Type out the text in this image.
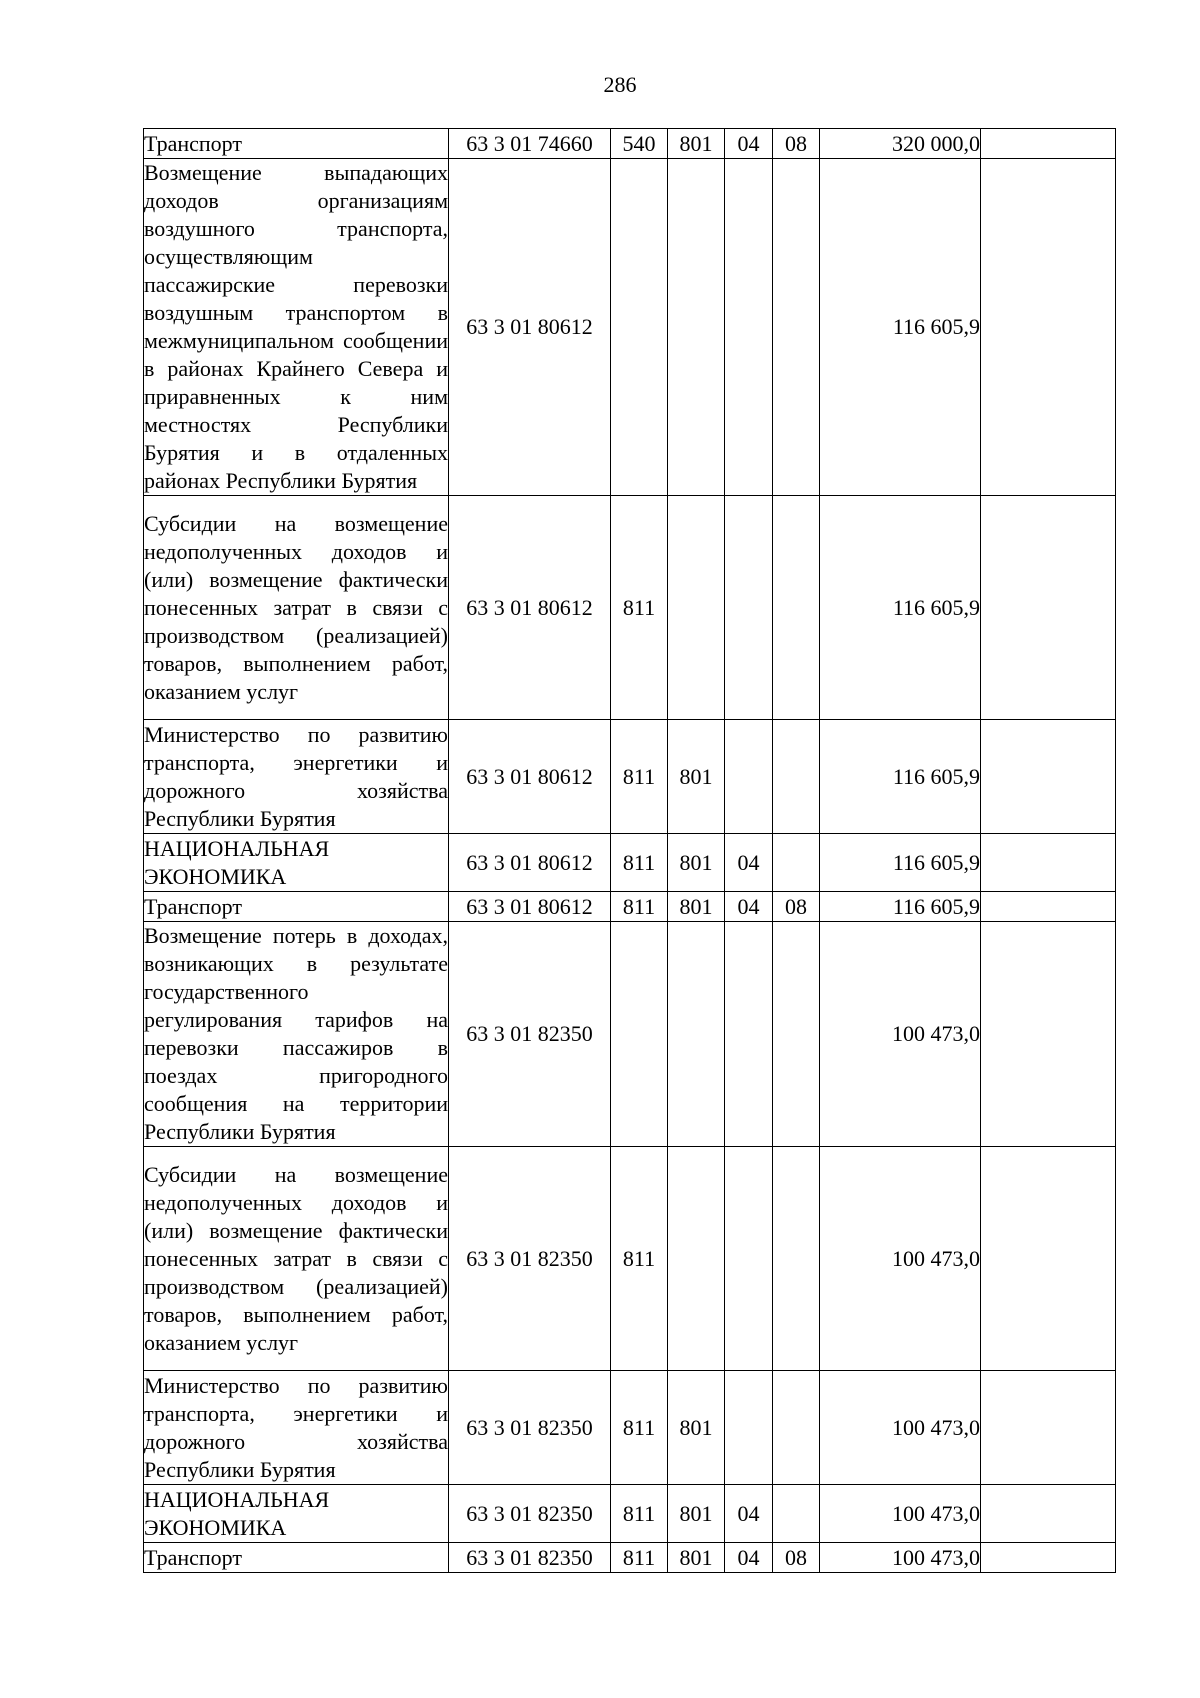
286
Транспорт	63 3 01 74660	540	801	04	08	320 000,0	
Возмещение выпадающих доходов организациям воздушного транспорта, осуществляющим пассажирские перевозки воздушным транспортом в межмуниципальном сообщении в районах Крайнего Севера и приравненных к ним местностях Республики Бурятия и в отдаленных районах Республики Бурятия	63 3 01 80612					116 605,9	
Субсидии на возмещение недополученных доходов и (или) возмещение фактически понесенных затрат в связи с производством (реализацией) товаров, выполнением работ, оказанием услуг	63 3 01 80612	811				116 605,9	
Министерство по развитию транспорта, энергетики и дорожного хозяйства Республики Бурятия	63 3 01 80612	811	801			116 605,9	
НАЦИОНАЛЬНАЯ ЭКОНОМИКА	63 3 01 80612	811	801	04		116 605,9	
Транспорт	63 3 01 80612	811	801	04	08	116 605,9	
Возмещение потерь в доходах, возникающих в результате государственного регулирования тарифов на перевозки пассажиров в поездах пригородного сообщения на территории Республики Бурятия	63 3 01 82350					100 473,0	
Субсидии на возмещение недополученных доходов и (или) возмещение фактически понесенных затрат в связи с производством (реализацией) товаров, выполнением работ, оказанием услуг	63 3 01 82350	811				100 473,0	
Министерство по развитию транспорта, энергетики и дорожного хозяйства Республики Бурятия	63 3 01 82350	811	801			100 473,0	
НАЦИОНАЛЬНАЯ ЭКОНОМИКА	63 3 01 82350	811	801	04		100 473,0	
Транспорт	63 3 01 82350	811	801	04	08	100 473,0	
